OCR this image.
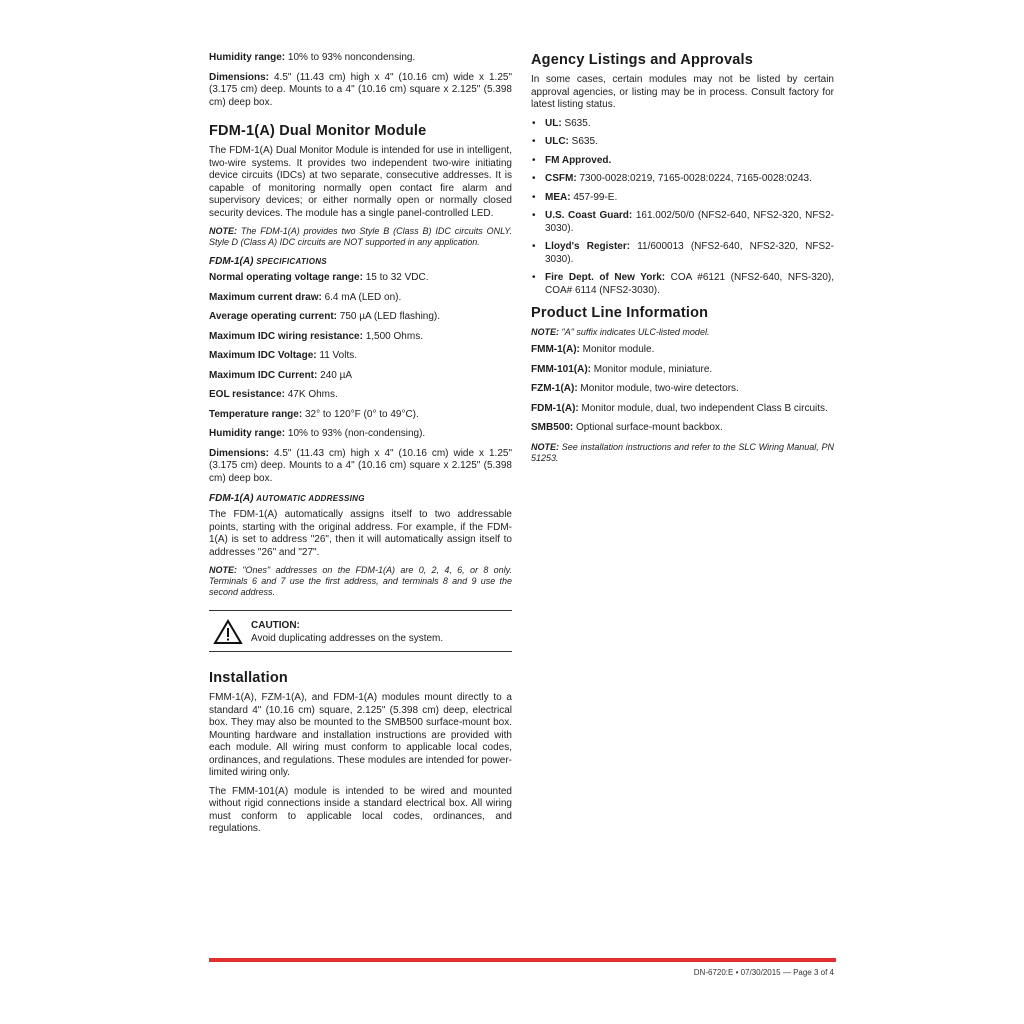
Humidity range: 10% to 93% noncondensing.

Dimensions: 4.5" (11.43 cm) high x 4" (10.16 cm) wide x 1.25" (3.175 cm) deep. Mounts to a 4" (10.16 cm) square x 2.125" (5.398 cm) deep box.

FDM-1(A) Dual Monitor Module

The FDM-1(A) Dual Monitor Module is intended for use in intelligent, two-wire systems. It provides two independent two-wire initiating device circuits (IDCs) at two separate, consecutive addresses. It is capable of monitoring normally open contact fire alarm and supervisory devices; or either normally open or normally closed security devices. The module has a single panel-controlled LED.

NOTE: The FDM-1(A) provides two Style B (Class B) IDC circuits ONLY. Style D (Class A) IDC circuits are NOT supported in any application.

FDM-1(A) SPECIFICATIONS

Normal operating voltage range: 15 to 32 VDC.

Maximum current draw: 6.4 mA (LED on).

Average operating current: 750 µA (LED flashing).

Maximum IDC wiring resistance: 1,500 Ohms.

Maximum IDC Voltage: 11 Volts.

Maximum IDC Current: 240 µA

EOL resistance: 47K Ohms.

Temperature range: 32° to 120°F (0° to 49°C).

Humidity range: 10% to 93% (non-condensing).

Dimensions: 4.5" (11.43 cm) high x 4" (10.16 cm) wide x 1.25" (3.175 cm) deep. Mounts to a 4" (10.16 cm) square x 2.125" (5.398 cm) deep box.

FDM-1(A) AUTOMATIC ADDRESSING

The FDM-1(A) automatically assigns itself to two addressable points, starting with the original address. For example, if the FDM-1(A) is set to address "26", then it will automatically assign itself to addresses "26" and "27".

NOTE: "Ones" addresses on the FDM-1(A) are 0, 2, 4, 6, or 8 only. Terminals 6 and 7 use the first address, and terminals 8 and 9 use the second address.

CAUTION:
Avoid duplicating addresses on the system.
Installation

FMM-1(A), FZM-1(A), and FDM-1(A) modules mount directly to a standard 4" (10.16 cm) square, 2.125" (5.398 cm) deep, electrical box. They may also be mounted to the SMB500 surface-mount box. Mounting hardware and installation instructions are provided with each module. All wiring must conform to applicable local codes, ordinances, and regulations. These modules are intended for power-limited wiring only.

The FMM-101(A) module is intended to be wired and mounted without rigid connections inside a standard electrical box. All wiring must conform to applicable local codes, ordinances, and regulations.

Agency Listings and Approvals

In some cases, certain modules may not be listed by certain approval agencies, or listing may be in process. Consult factory for latest listing status.

• UL: S635.
• ULC: S635.
• FM Approved.
• CSFM: 7300-0028:0219, 7165-0028:0224, 7165-0028:0243.
• MEA: 457-99-E.
• U.S. Coast Guard: 161.002/50/0 (NFS2-640, NFS2-320, NFS2-3030).
• Lloyd's Register: 11/600013 (NFS2-640, NFS2-320, NFS2-3030).
• Fire Dept. of New York: COA #6121 (NFS2-640, NFS-320), COA# 6114 (NFS2-3030).
Product Line Information

NOTE: "A" suffix indicates ULC-listed model.

FMM-1(A): Monitor module.

FMM-101(A): Monitor module, miniature.

FZM-1(A): Monitor module, two-wire detectors.

FDM-1(A): Monitor module, dual, two independent Class B circuits.

SMB500: Optional surface-mount backbox.

NOTE: See installation instructions and refer to the SLC Wiring Manual, PN 51253.

DN-6720:E • 07/30/2015 — Page 3 of 4
